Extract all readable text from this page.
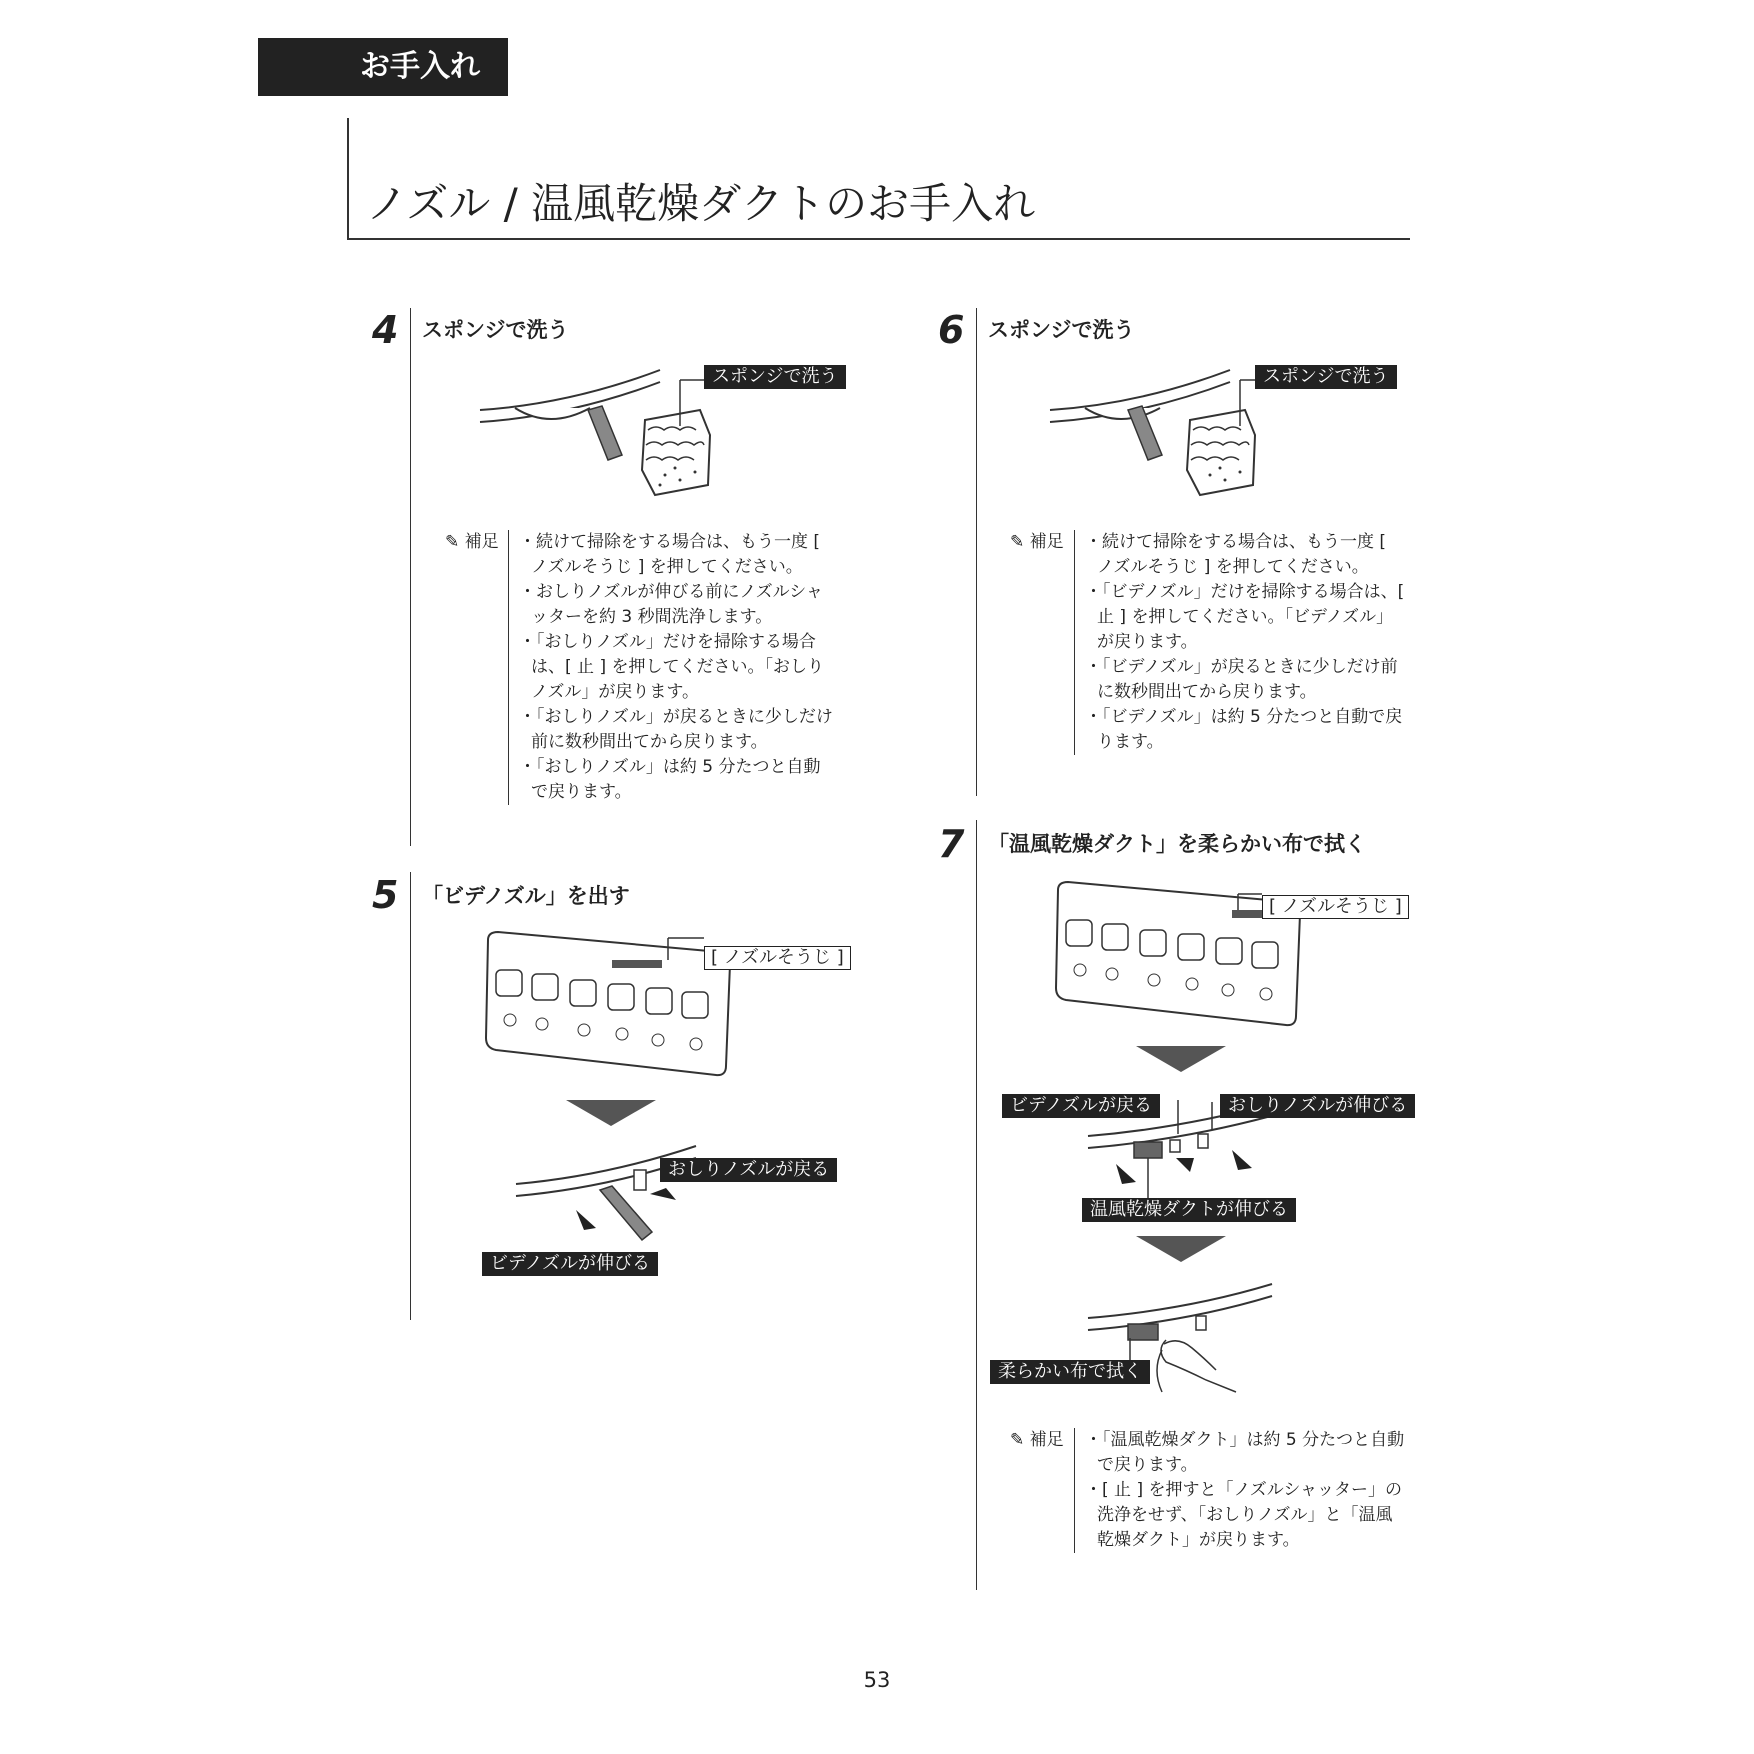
お手入れ
ノズル / 温風乾燥ダクトのお手入れ
4 スポンジで洗う
スポンジで洗う
✎ 補足	・ 続けて掃除をする場合は、もう一度 [ ノズルそうじ ] を押してください。
・ おしりノズルが伸びる前にノズルシャッターを約 3 秒間洗浄します。
・ 「おしりノズル」だけを掃除する場合は、[ 止 ] を押してください。「おしりノズル」が戻ります。
・ 「おしりノズル」が戻るときに少しだけ前に数秒間出てから戻ります。
・ 「おしりノズル」は約 5 分たつと自動で戻ります。
5 「ビデノズル」を出す
[ ノズルそうじ ]
おしりノズルが戻る
ビデノズルが伸びる
6 スポンジで洗う
スポンジで洗う
✎ 補足	・ 続けて掃除をする場合は、もう一度 [ ノズルそうじ ] を押してください。
・ 「ビデノズル」だけを掃除する場合は、[ 止 ] を押してください。「ビデノズル」が戻ります。
・ 「ビデノズル」が戻るときに少しだけ前に数秒間出てから戻ります。
・ 「ビデノズル」は約 5 分たつと自動で戻ります。
7 「温風乾燥ダクト」を柔らかい布で拭く
[ ノズルそうじ ]
ビデノズルが戻る	おしりノズルが伸びる
温風乾燥ダクトが伸びる
柔らかい布で拭く
✎ 補足	・ 「温風乾燥ダクト」は約 5 分たつと自動で戻ります。
・ [ 止 ] を押すと「ノズルシャッター」の洗浄をせず、「おしりノズル」と「温風乾燥ダクト」が戻ります。
53
